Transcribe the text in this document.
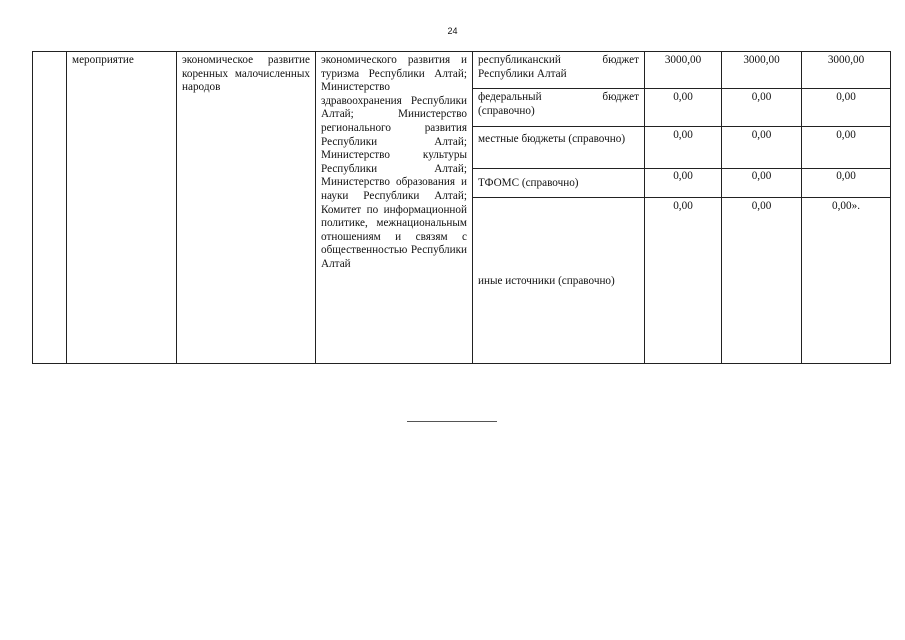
24
	мероприятие	экономическое развитие коренных малочисленных народов	экономического развития и туризма Республики Алтай; Министерство здравоохранения Республики Алтай; Министерство регионального развития Республики Алтай; Министерство культуры Республики Алтай; Министерство образования и науки Республики Алтай; Комитет по информационной политике, межнациональным отношениям и связям с общественностью Республики Алтай	республиканский бюджет Республики Алтай	3000,00	3000,00	3000,00
				федеральный бюджет (справочно)	0,00	0,00	0,00
				местные бюджеты (справочно)	0,00	0,00	0,00
				ТФОМС (справочно)	0,00	0,00	0,00
				иные источники (справочно)	0,00	0,00	0,00».
